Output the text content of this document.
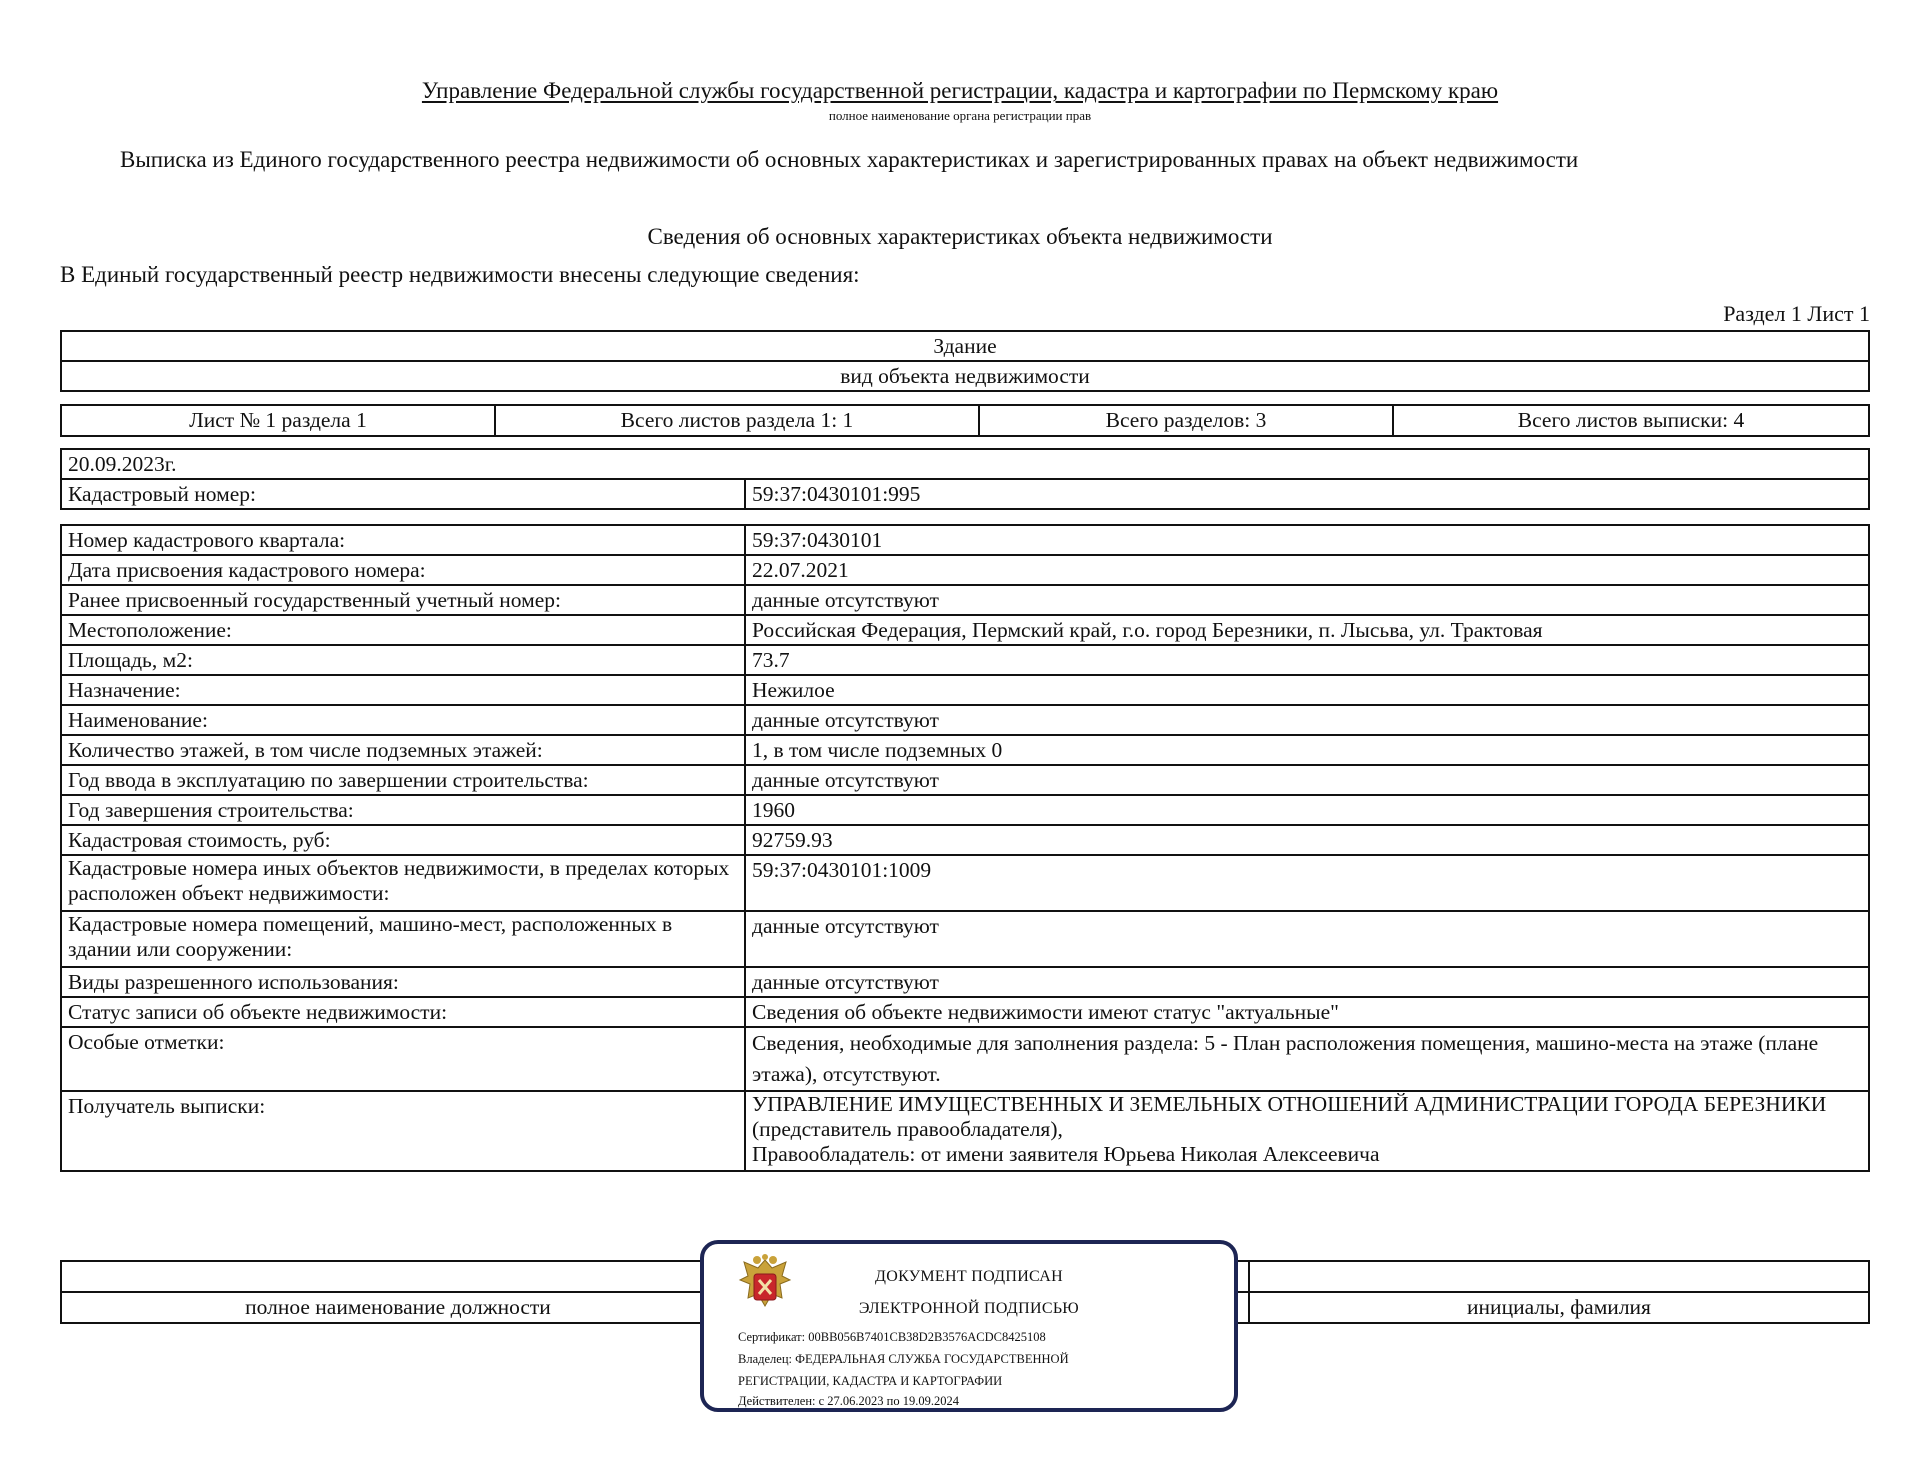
Управление Федеральной службы государственной регистрации, кадастра и картографии по Пермскому краю
полное наименование органа регистрации прав
Выписка из Единого государственного реестра недвижимости об основных характеристиках и зарегистрированных правах на объект недвижимости
Сведения об основных характеристиках объекта недвижимости
В Единый государственный реестр недвижимости внесены следующие сведения:
Раздел 1 Лист 1
Здание
вид объекта недвижимости
Лист № 1 раздела 1	Всего листов раздела 1: 1	Всего разделов: 3	Всего листов выписки: 4
20.09.2023г.
Кадастровый номер:	59:37:0430101:995
Номер кадастрового квартала:	59:37:0430101
Дата присвоения кадастрового номера:	22.07.2021
Ранее присвоенный государственный учетный номер:	данные отсутствуют
Местоположение:	Российская Федерация, Пермский край, г.о. город Березники, п. Лысьва, ул. Трактовая
Площадь, м2:	73.7
Назначение:	Нежилое
Наименование:	данные отсутствуют
Количество этажей, в том числе подземных этажей:	1, в том числе подземных 0
Год ввода в эксплуатацию по завершении строительства:	данные отсутствуют
Год завершения строительства:	1960
Кадастровая стоимость, руб:	92759.93
Кадастровые номера иных объектов недвижимости, в пределах которых расположен объект недвижимости:	59:37:0430101:1009
Кадастровые номера помещений, машино-мест, расположенных в здании или сооружении:	данные отсутствуют
Виды разрешенного использования:	данные отсутствуют
Статус записи об объекте недвижимости:	Сведения об объекте недвижимости имеют статус "актуальные"
Особые отметки:	Сведения, необходимые для заполнения раздела: 5 - План расположения помещения, машино-места на этаже (плане этажа), отсутствуют.
Получатель выписки:	УПРАВЛЕНИЕ ИМУЩЕСТВЕННЫХ И ЗЕМЕЛЬНЫХ ОТНОШЕНИЙ АДМИНИСТРАЦИИ ГОРОДА БЕРЕЗНИКИ (представитель правообладателя),
Правообладатель: от имени заявителя Юрьева Николая Алексеевича

полное наименование должности		инициалы, фамилия
ДОКУМЕНТ ПОДПИСАН
ЭЛЕКТРОННОЙ ПОДПИСЬЮ
Сертификат: 00BB056B7401CB38D2B3576ACDC8425108
Владелец: ФЕДЕРАЛЬНАЯ СЛУЖБА ГОСУДАРСТВЕННОЙ
РЕГИСТРАЦИИ, КАДАСТРА И КАРТОГРАФИИ
Действителен: с 27.06.2023 по 19.09.2024
